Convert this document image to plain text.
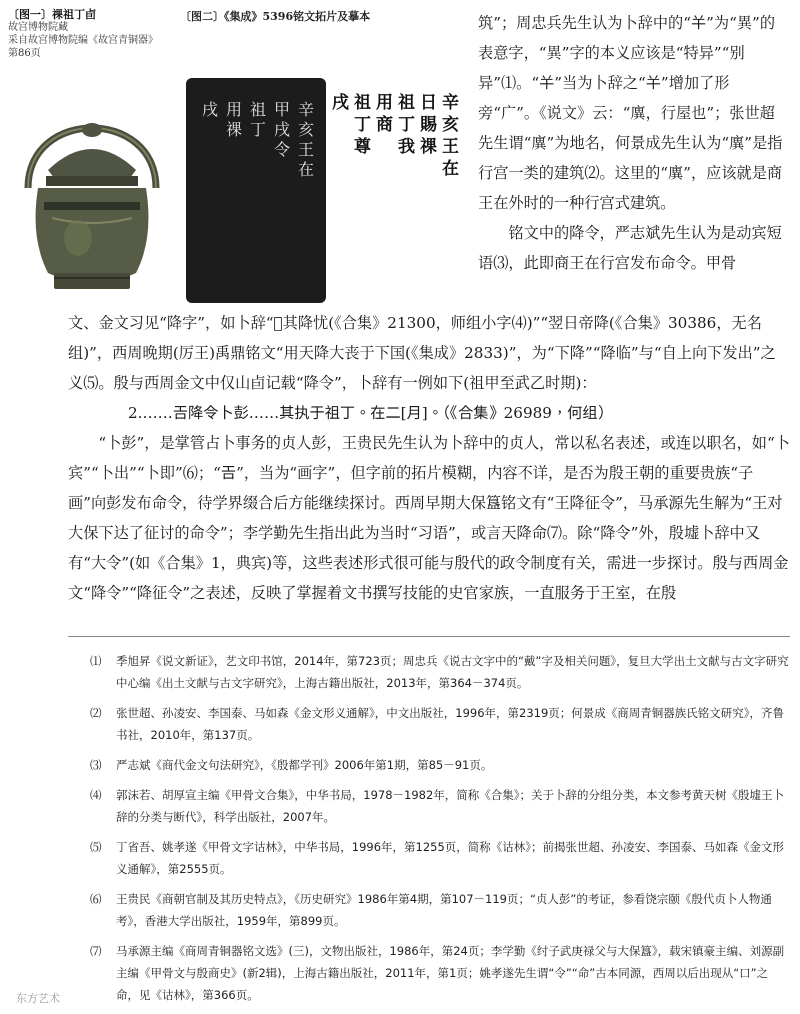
〔图一〕祼祖丁卣
故宫博物院藏
采自故宫博物院编《故宫青铜器》
第86页
〔图二〕《集成》5396铭文拓片及摹本
辛亥王在
甲戌令
祖丁
用祼
戌	辛亥王在
日賜祼
祖丁我
用商
祖丁尊
戌

筑”；周忠兵先生认为卜辞中的“𢆉”为“異”的表意字，“異”字的本义应该是“特异”“别异”⑴。“𢆉”当为卜辞之“𢆉”增加了形旁“广”。《说文》云：“廙，行屋也”；张世超先生谓“廙”为地名，何景成先生认为“廙”是指行宫一类的建筑⑵。这里的“廙”，应该就是商王在外时的一种行宫式建筑。

铭文中的降令，严志斌先生认为是动宾短语⑶，此即商王在行宫发布命令。甲骨

文、金文习见“降字”，如卜辞“𡧊其降忧(《合集》21300，师组小字⑷)”“翌日帝降(《合集》30386，无名组)”，西周晚期(厉王)禹鼎铭文“用天降大丧于下国(《集成》2833)”，为“下降”“降临”与“自上向下发出”之义⑸。殷与西周金文中仅山卣记载“降令”，卜辞有一例如下(祖甲至武乙时期)：

2.……𢀛降令卜彭……其执于祖丁。在二[月]。（《合集》26989，何组）

“卜彭”，是掌管占卜事务的贞人彭，王贵民先生认为卜辞中的贞人，常以私名表述，或连以职名，如“卜宾”“卜出”“卜即”⑹；“𢀛”，当为“画字”，但字前的拓片模糊，内容不详，是否为殷王朝的重要贵族“子画”向彭发布命令，待学界缀合后方能继续探讨。西周早期大保簋铭文有“王降征令”，马承源先生解为“王对大保下达了征讨的命令”；李学勤先生指出此为当时“习语”，或言天降命⑺。除“降令”外，殷墟卜辞中又有“大令”(如《合集》1，典宾)等，这些表述形式很可能与殷代的政令制度有关，需进一步探讨。殷与西周金文“降令”“降征令”之表述，反映了掌握着文书撰写技能的史官家族，一直服务于王室，在殷

⑴ 季旭昇《说文新证》，艺文印书馆，2014年，第723页；周忠兵《说古文字中的“戴”字及相关问题》，复旦大学出土文献与古文字研究中心编《出土文献与古文字研究》，上海古籍出版社，2013年，第364－374页。
⑵ 张世超、孙凌安、李国泰、马如森《金文形义通解》，中文出版社，1996年，第2319页；何景成《商周青铜器族氏铭文研究》，齐鲁书社，2010年，第137页。
⑶ 严志斌《商代金文句法研究》，《殷都学刊》2006年第1期，第85－91页。
⑷ 郭沫若、胡厚宣主编《甲骨文合集》，中华书局，1978－1982年，简称《合集》；关于卜辞的分组分类，本文参考黄天树《殷墟王卜辞的分类与断代》，科学出版社，2007年。
⑸ 丁省吾、姚孝遂《甲骨文字诂林》，中华书局，1996年，第1255页，简称《诂林》；前揭张世超、孙凌安、李国泰、马如森《金文形义通解》，第2555页。
⑹ 王贵民《商朝官制及其历史特点》，《历史研究》1986年第4期，第107－119页；“贞人彭”的考证，参看饶宗颐《殷代贞卜人物通考》，香港大学出版社，1959年，第899页。
⑺ 马承源主编《商周青铜器铭文选》(三)，文物出版社，1986年，第24页；李学勤《纣子武庚禄父与大保簋》，载宋镇豪主编、刘源副主编《甲骨文与殷商史》(新2辑)，上海古籍出版社，2011年，第1页；姚孝遂先生谓“令”“命”古本同源，西周以后出现从“口”之命，见《诂林》，第366页。
东方艺术
